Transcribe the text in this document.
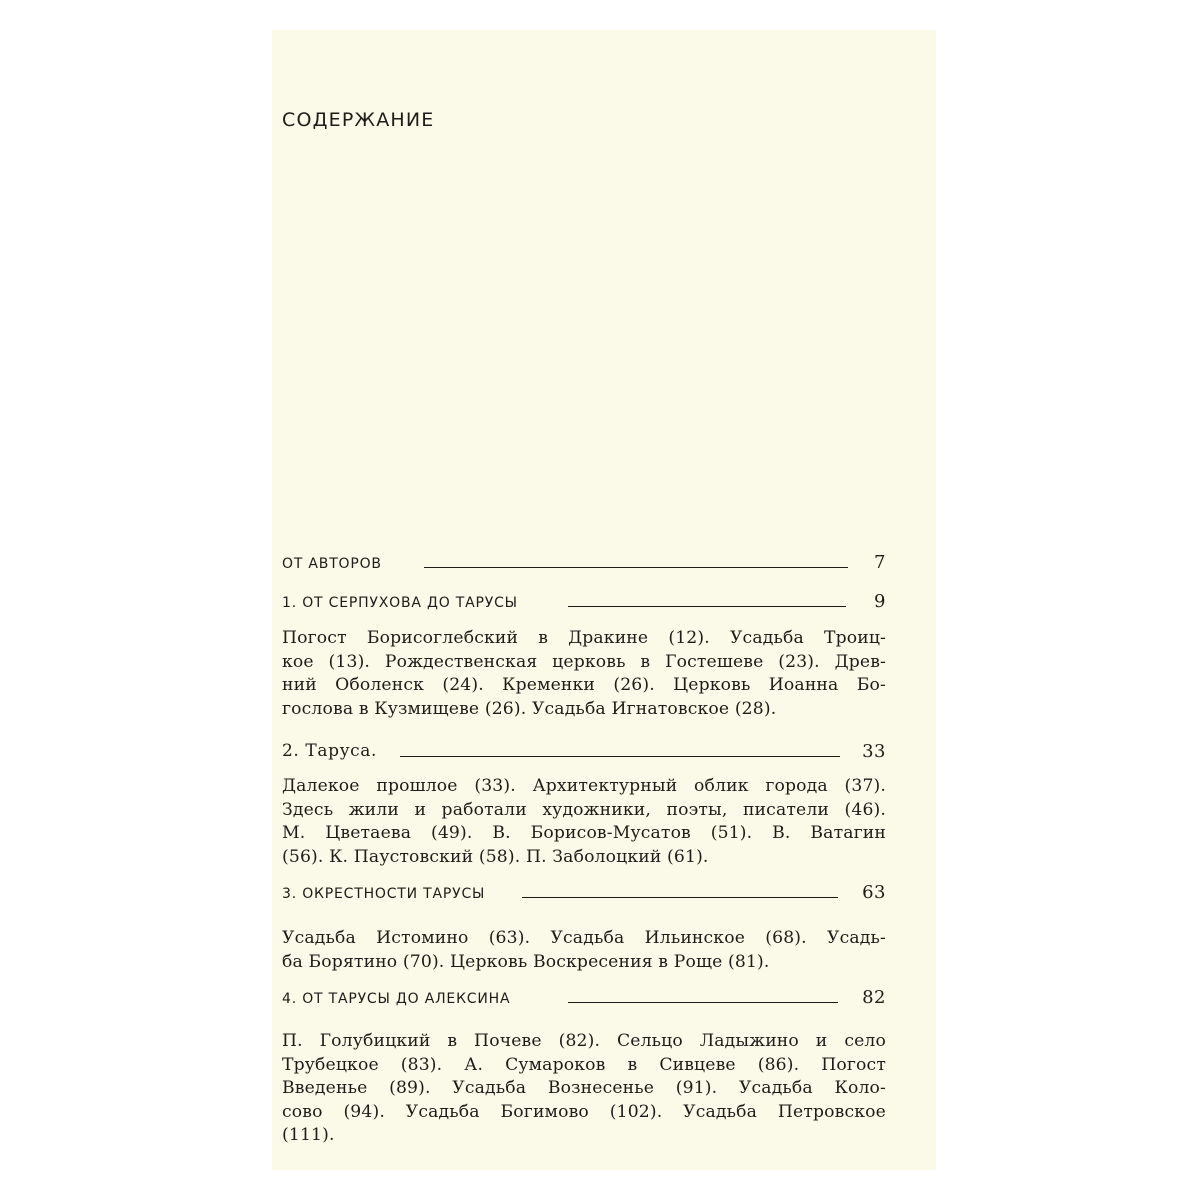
СОДЕРЖАНИЕ
ОТ АВТОРОВ	7
1. ОТ СЕРПУХОВА ДО ТАРУСЫ	9
Погост Борисоглебский в Дракине (12). Усадьба Троиц-
кое (13). Рождественская церковь в Гостешеве (23). Древ-
ний Оболенск (24). Кременки (26). Церковь Иоанна Бо-
гослова в Кузмищеве (26). Усадьба Игнатовское (28).
2. Таруса.	33
Далекое прошлое (33). Архитектурный облик города (37).
Здесь жили и работали художники, поэты, писатели (46).
М. Цветаева (49). В. Борисов-Мусатов (51). В. Ватагин
(56). К. Паустовский (58). П. Заболоцкий (61).
3. ОКРЕСТНОСТИ ТАРУСЫ	63
Усадьба Истомино (63). Усадьба Ильинское (68). Усадь-
ба Борятино (70). Церковь Воскресения в Роще (81).
4. ОТ ТАРУСЫ ДО АЛЕКСИНА	82
П. Голубицкий в Почеве (82). Сельцо Ладыжино и село
Трубецкое (83). А. Сумароков в Сивцеве (86). Погост
Введенье (89). Усадьба Вознесенье (91). Усадьба Коло-
сово (94). Усадьба Богимово (102). Усадьба Петровское
(111).
